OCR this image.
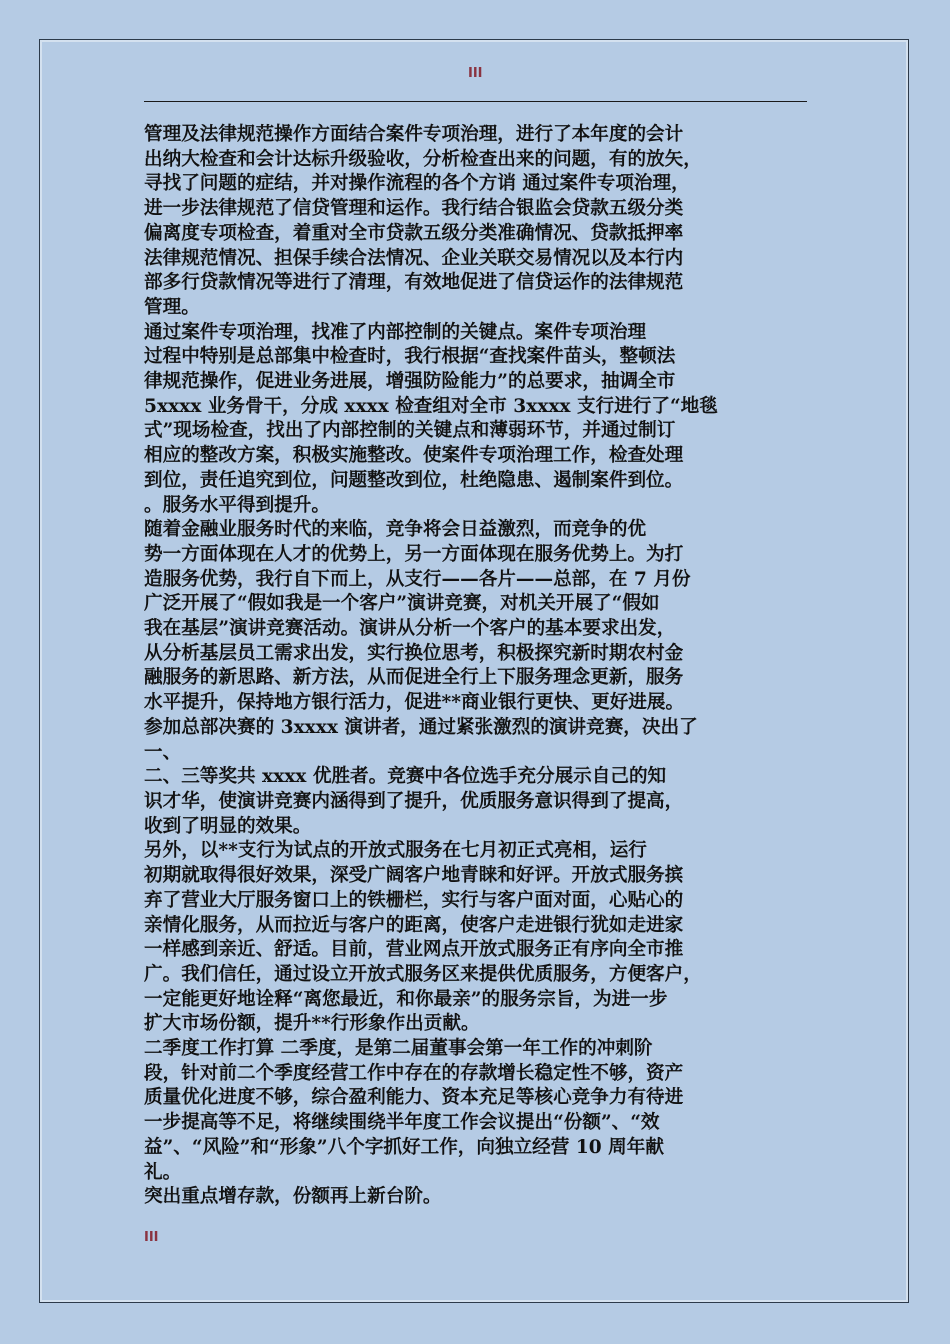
III
管理及法律规范操作方面结合案件专项治理，进行了本年度的会计
出纳大检查和会计达标升级验收，分析检查出来的问题，有的放矢，
寻找了问题的症结，并对操作流程的各个方诮 通过案件专项治理，
进一步法律规范了信贷管理和运作。我行结合银监会贷款五级分类
偏离度专项检查，着重对全市贷款五级分类准确情况、贷款抵押率
法律规范情况、担保手续合法情况、企业关联交易情况以及本行内
部多行贷款情况等进行了清理，有效地促进了信贷运作的法律规范
管理。
通过案件专项治理，找准了内部控制的关键点。案件专项治理
过程中特别是总部集中检查时，我行根据“查找案件苗头，整顿法
律规范操作，促进业务进展，增强防险能力”的总要求，抽调全市
5xxxx 业务骨干，分成 xxxx 检查组对全市 3xxxx 支行进行了“地毯
式”现场检查，找出了内部控制的关键点和薄弱环节，并通过制订
相应的整改方案，积极实施整改。使案件专项治理工作，检查处理
到位，责任追究到位，问题整改到位，杜绝隐患、遏制案件到位。
。服务水平得到提升。
随着金融业服务时代的来临，竞争将会日益激烈，而竞争的优
势一方面体现在人才的优势上，另一方面体现在服务优势上。为打
造服务优势，我行自下而上，从支行——各片——总部，在 7 月份
广泛开展了“假如我是一个客户”演讲竞赛，对机关开展了“假如
我在基层”演讲竞赛活动。演讲从分析一个客户的基本要求出发，
从分析基层员工需求出发，实行换位思考，积极探究新时期农村金
融服务的新思路、新方法，从而促进全行上下服务理念更新，服务
水平提升，保持地方银行活力，促进**商业银行更快、更好进展。
参加总部决赛的 3xxxx 演讲者，通过紧张激烈的演讲竞赛，决出了
一、
二、三等奖共 xxxx 优胜者。竞赛中各位选手充分展示自己的知
识才华，使演讲竞赛内涵得到了提升，优质服务意识得到了提高，
收到了明显的效果。
另外，以**支行为试点的开放式服务在七月初正式亮相，运行
初期就取得很好效果，深受广阔客户地青睐和好评。开放式服务摈
弃了营业大厅服务窗口上的铁栅栏，实行与客户面对面，心贴心的
亲情化服务，从而拉近与客户的距离，使客户走进银行犹如走进家
一样感到亲近、舒适。目前，营业网点开放式服务正有序向全市推
广。我们信任，通过设立开放式服务区来提供优质服务，方便客户，
一定能更好地诠释“离您最近，和你最亲”的服务宗旨，为进一步
扩大市场份额，提升**行形象作出贡献。
二季度工作打算 二季度，是第二届董事会第一年工作的冲刺阶
段，针对前二个季度经营工作中存在的存款增长稳定性不够，资产
质量优化进度不够，综合盈利能力、资本充足等核心竞争力有待进
一步提高等不足，将继续围绕半年度工作会议提出“份额”、“效
益”、“风险”和“形象”八个字抓好工作，向独立经营 10 周年献
礼。
突出重点增存款，份额再上新台阶。
III
